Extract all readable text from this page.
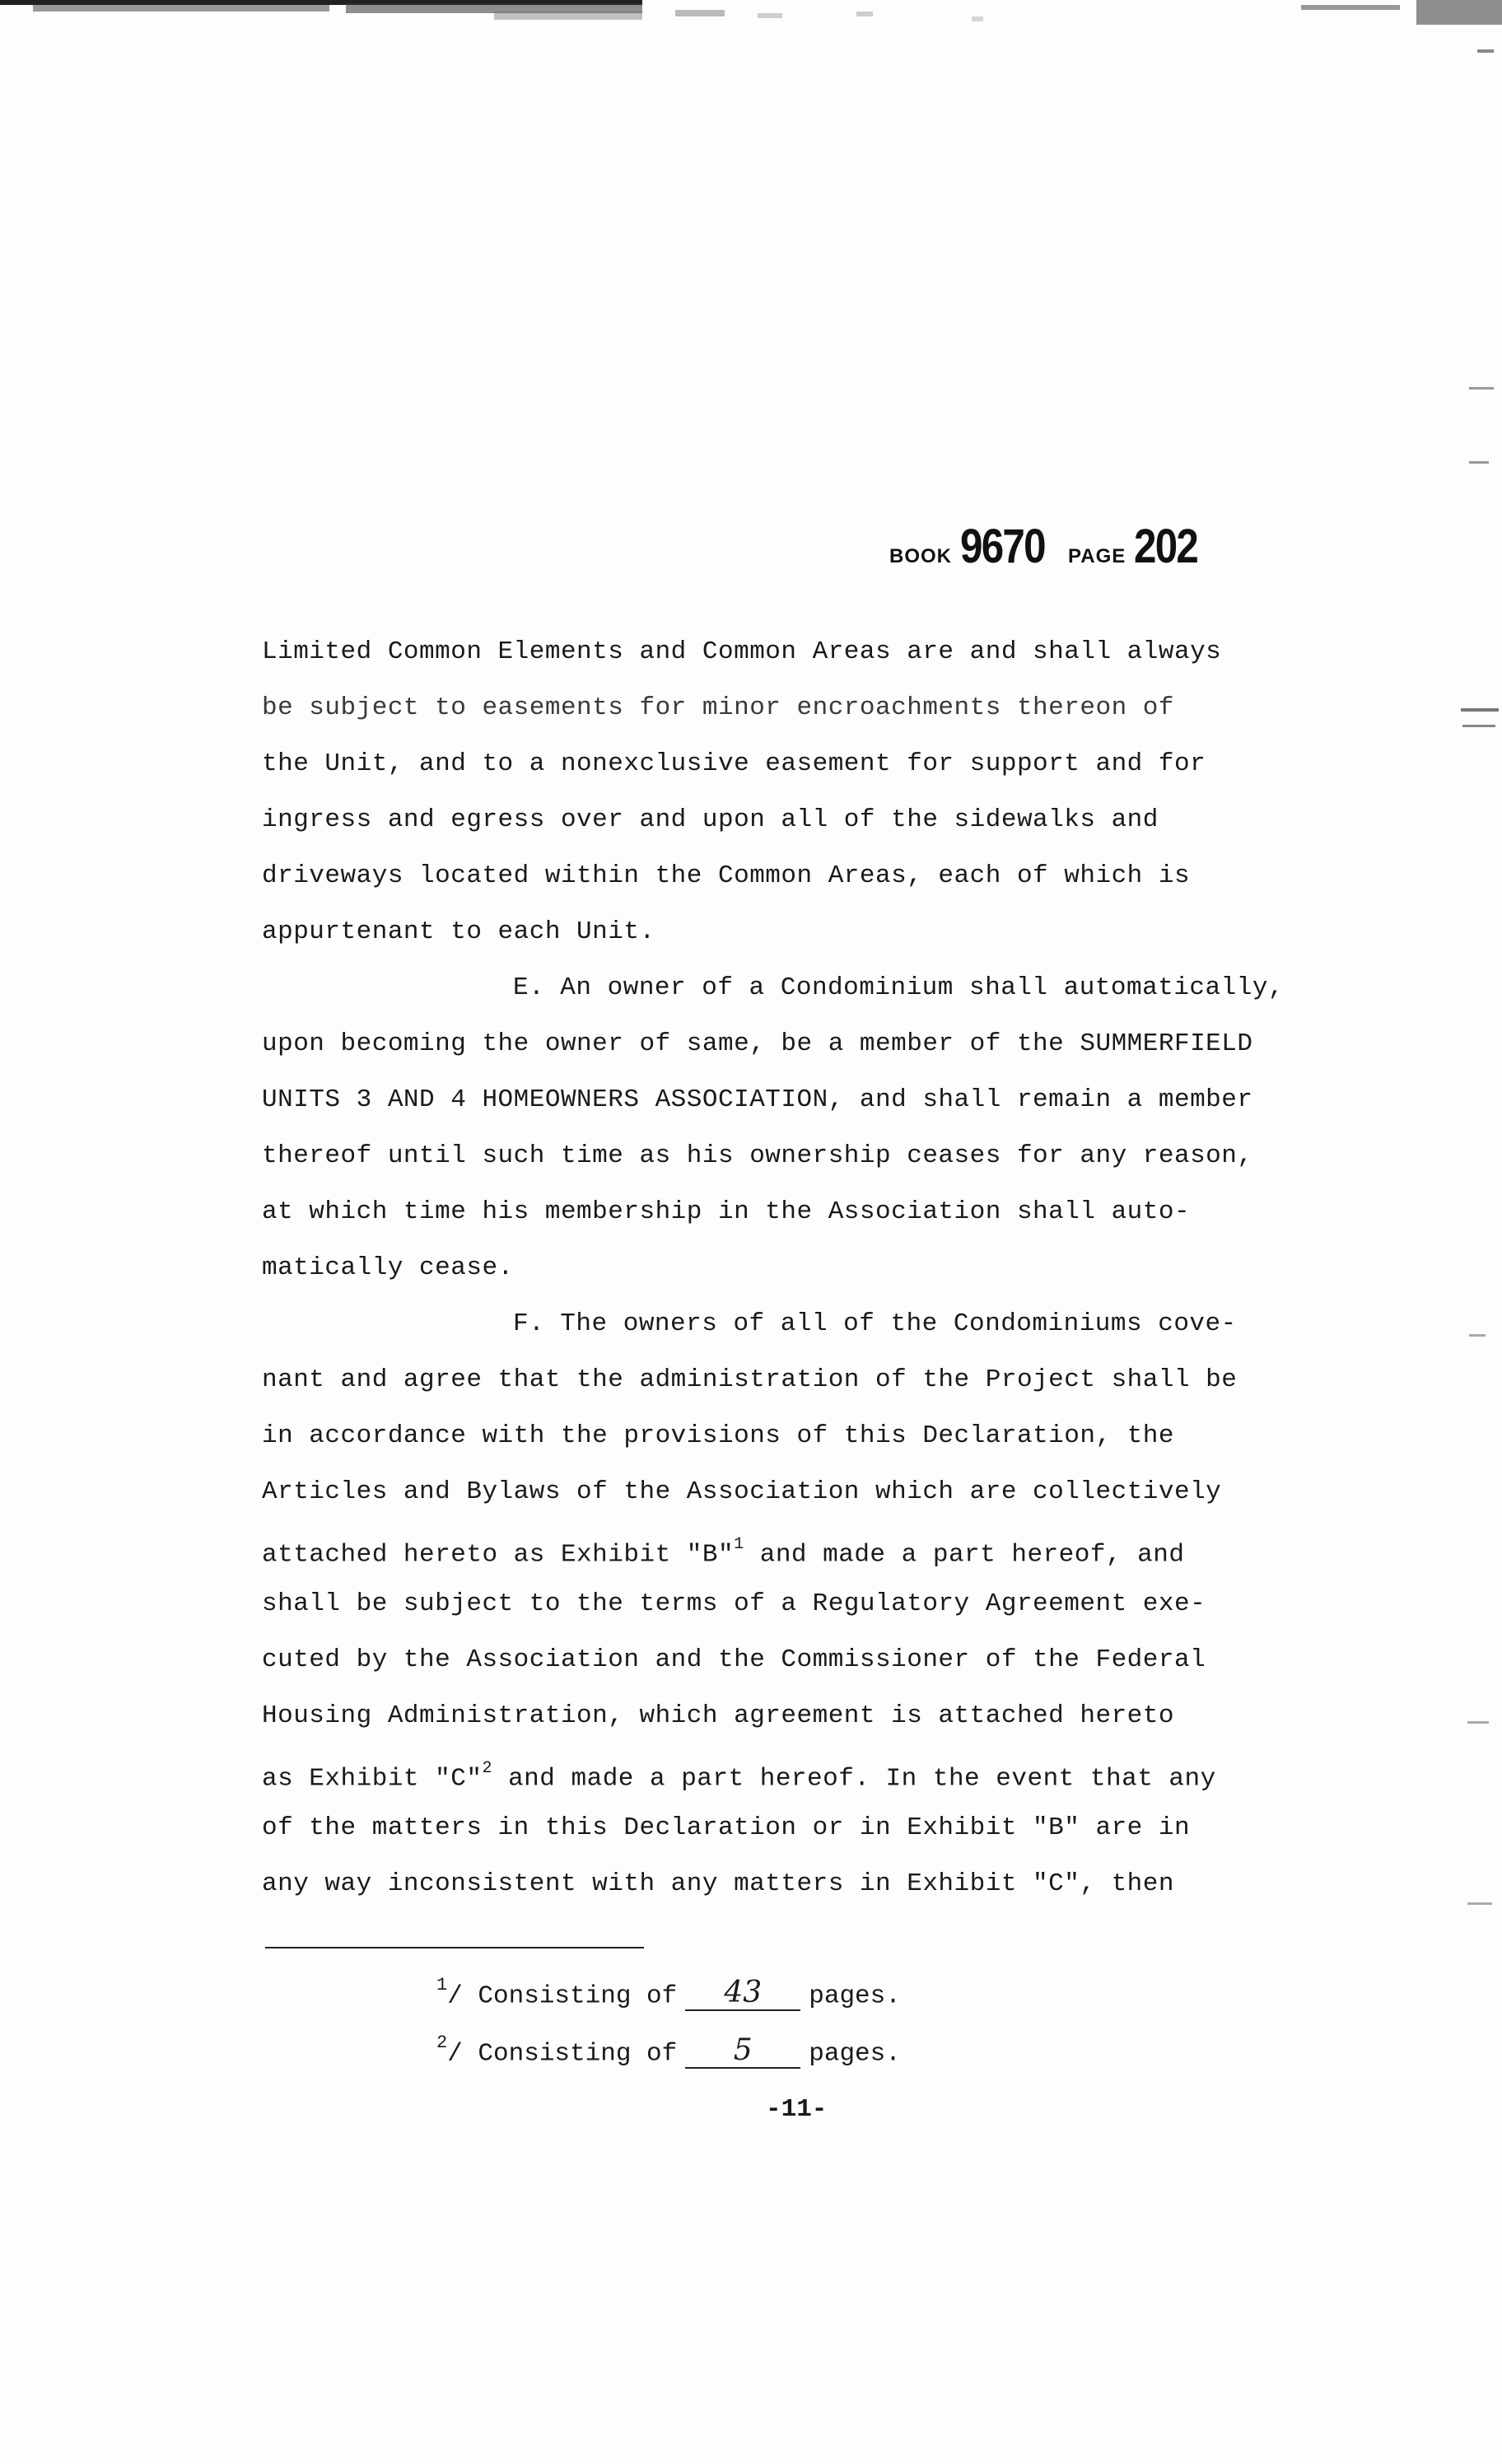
BOOK 9670 PAGE 202
Limited Common Elements and Common Areas are and shall always
be subject to easements for minor encroachments thereon of
the Unit, and to a nonexclusive easement for support and for
ingress and egress over and upon all of the sidewalks and
driveways located within the Common Areas, each of which is
appurtenant to each Unit.
E. An owner of a Condominium shall automatically,
upon becoming the owner of same, be a member of the SUMMERFIELD
UNITS 3 AND 4 HOMEOWNERS ASSOCIATION, and shall remain a member
thereof until such time as his ownership ceases for any reason,
at which time his membership in the Association shall auto-
matically cease.
F. The owners of all of the Condominiums cove-
nant and agree that the administration of the Project shall be
in accordance with the provisions of this Declaration, the
Articles and Bylaws of the Association which are collectively
attached hereto as Exhibit "B"$^1$ and made a part hereof, and
shall be subject to the terms of a Regulatory Agreement exe-
cuted by the Association and the Commissioner of the Federal
Housing Administration, which agreement is attached hereto
as Exhibit "C"$^2$ and made a part hereof. In the event that any
of the matters in this Declaration or in Exhibit "B" are in
any way inconsistent with any matters in Exhibit "C", then
$^1$/ Consisting of 43 pages.
$^2$/ Consisting of 5 pages.
-11-
